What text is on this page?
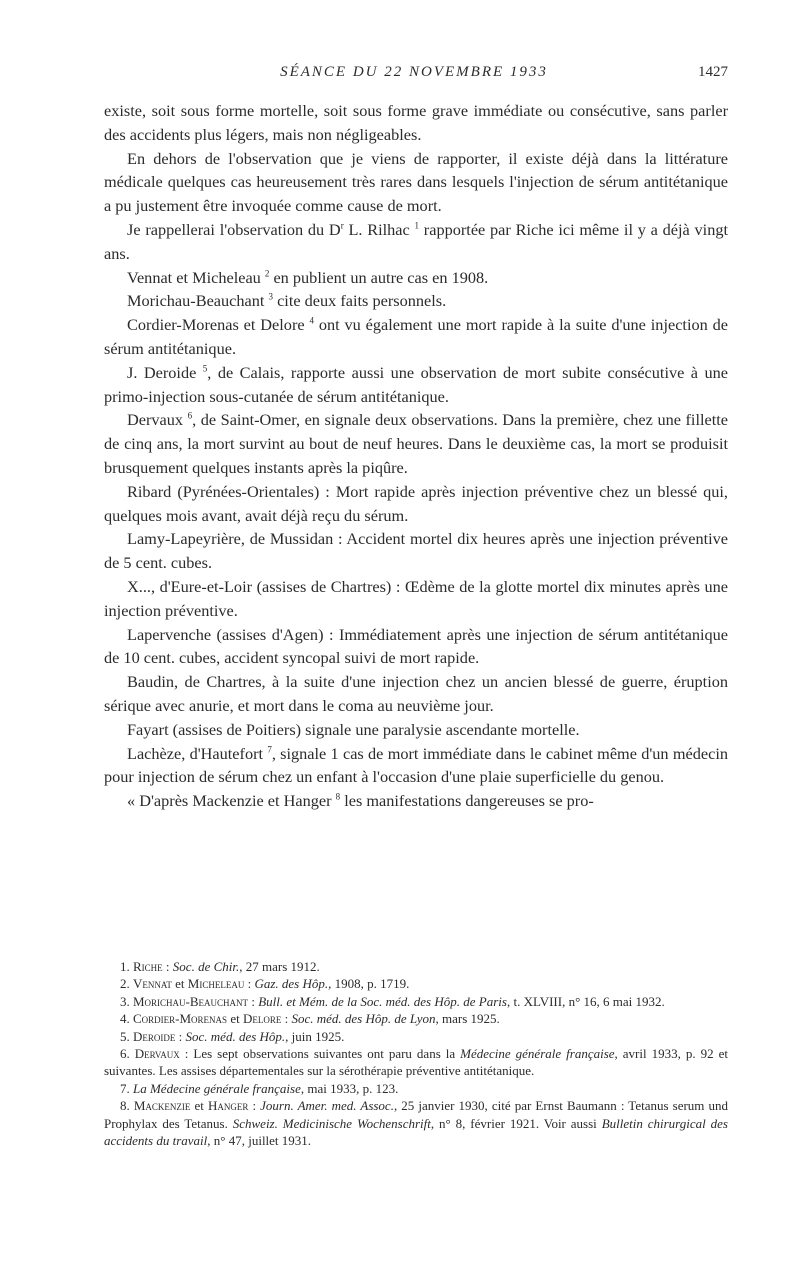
SÉANCE DU 22 NOVEMBRE 1933	1427

existe, soit sous forme mortelle, soit sous forme grave immédiate ou consécutive, sans parler des accidents plus légers, mais non négligeables.

En dehors de l'observation que je viens de rapporter, il existe déjà dans la littérature médicale quelques cas heureusement très rares dans lesquels l'injection de sérum antitétanique a pu justement être invoquée comme cause de mort.

Je rappellerai l'observation du $D^r$ L. Rilhac $^1$ rapportée par Riche ici même il y a déjà vingt ans.

Vennat et Micheleau $^2$ en publient un autre cas en 1908.

Morichau-Beauchant $^3$ cite deux faits personnels.

Cordier-Morenas et Delore $^4$ ont vu également une mort rapide à la suite d'une injection de sérum antitétanique.

J. Deroide $^5$, de Calais, rapporte aussi une observation de mort subite consécutive à une primo-injection sous-cutanée de sérum antitétanique.

Dervaux $^6$, de Saint-Omer, en signale deux observations. Dans la première, chez une fillette de cinq ans, la mort survint au bout de neuf heures. Dans le deuxième cas, la mort se produisit brusquement quelques instants après la piqûre.

Ribard (Pyrénées-Orientales) : Mort rapide après injection préventive chez un blessé qui, quelques mois avant, avait déjà reçu du sérum.

Lamy-Lapeyrière, de Mussidan : Accident mortel dix heures après une injection préventive de 5 cent. cubes.

X..., d'Eure-et-Loir (assises de Chartres) : Œdème de la glotte mortel dix minutes après une injection préventive.

Lapervenche (assises d'Agen) : Immédiatement après une injection de sérum antitétanique de 10 cent. cubes, accident syncopal suivi de mort rapide.

Baudin, de Chartres, à la suite d'une injection chez un ancien blessé de guerre, éruption sérique avec anurie, et mort dans le coma au neuvième jour.

Fayart (assises de Poitiers) signale une paralysie ascendante mortelle.

Lachèze, d'Hautefort $^7$, signale 1 cas de mort immédiate dans le cabinet même d'un médecin pour injection de sérum chez un enfant à l'occasion d'une plaie superficielle du genou.

« D'après Mackenzie et Hanger $^8$ les manifestations dangereuses se pro-

1. Riche : Soc. de Chir., 27 mars 1912.

2. Vennat et Micheleau : Gaz. des Hôp., 1908, p. 1719.

3. Morichau-Beauchant : Bull. et Mém. de la Soc. méd. des Hôp. de Paris, t. XLVIII, n° 16, 6 mai 1932.

4. Cordier-Morenas et Delore : Soc. méd. des Hôp. de Lyon, mars 1925.

5. Deroide : Soc. méd. des Hôp., juin 1925.

6. Dervaux : Les sept observations suivantes ont paru dans la Médecine générale française, avril 1933, p. 92 et suivantes. Les assises départementales sur la sérothérapie préventive antitétanique.

7. La Médecine générale française, mai 1933, p. 123.

8. Mackenzie et Hanger : Journ. Amer. med. Assoc., 25 janvier 1930, cité par Ernst Baumann : Tetanus serum und Prophylax des Tetanus. Schweiz. Medicinische Wochenschrift, n° 8, février 1921. Voir aussi Bulletin chirurgical des accidents du travail, n° 47, juillet 1931.
